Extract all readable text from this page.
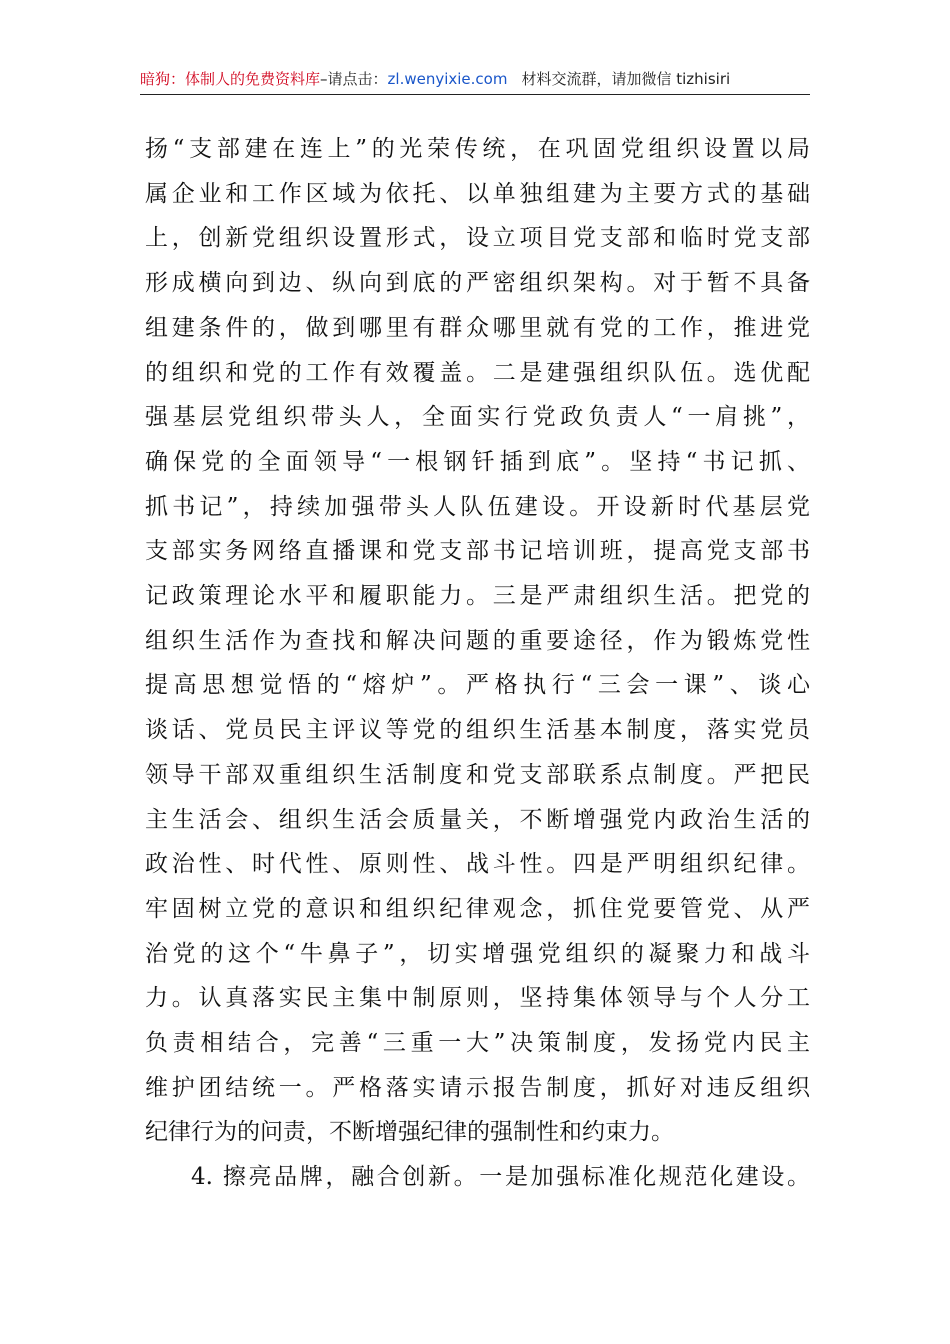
暗狗：体制人的免费资料库–请点击：zl.wenyixie.com 材料交流群，请加微信 tizhisiri
扬“支部建在连上”的光荣传统，在巩固党组织设置以局
属企业和工作区域为依托、以单独组建为主要方式的基础
上，创新党组织设置形式，设立项目党支部和临时党支部
形成横向到边、纵向到底的严密组织架构。对于暂不具备
组建条件的，做到哪里有群众哪里就有党的工作，推进党
的组织和党的工作有效覆盖。二是建强组织队伍。选优配
强基层党组织带头人，全面实行党政负责人“一肩挑”，
确保党的全面领导“一根钢钎插到底”。坚持“书记抓、
抓书记”，持续加强带头人队伍建设。开设新时代基层党
支部实务网络直播课和党支部书记培训班，提高党支部书
记政策理论水平和履职能力。三是严肃组织生活。把党的
组织生活作为查找和解决问题的重要途径，作为锻炼党性
提高思想觉悟的“熔炉”。严格执行“三会一课”、谈心
谈话、党员民主评议等党的组织生活基本制度，落实党员
领导干部双重组织生活制度和党支部联系点制度。严把民
主生活会、组织生活会质量关，不断增强党内政治生活的
政治性、时代性、原则性、战斗性。四是严明组织纪律。
牢固树立党的意识和组织纪律观念，抓住党要管党、从严
治党的这个“牛鼻子”，切实增强党组织的凝聚力和战斗
力。认真落实民主集中制原则，坚持集体领导与个人分工
负责相结合，完善“三重一大”决策制度，发扬党内民主
维护团结统一。严格落实请示报告制度，抓好对违反组织
纪律行为的问责，不断增强纪律的强制性和约束力。
4. 擦亮品牌，融合创新。一是加强标准化规范化建设。
